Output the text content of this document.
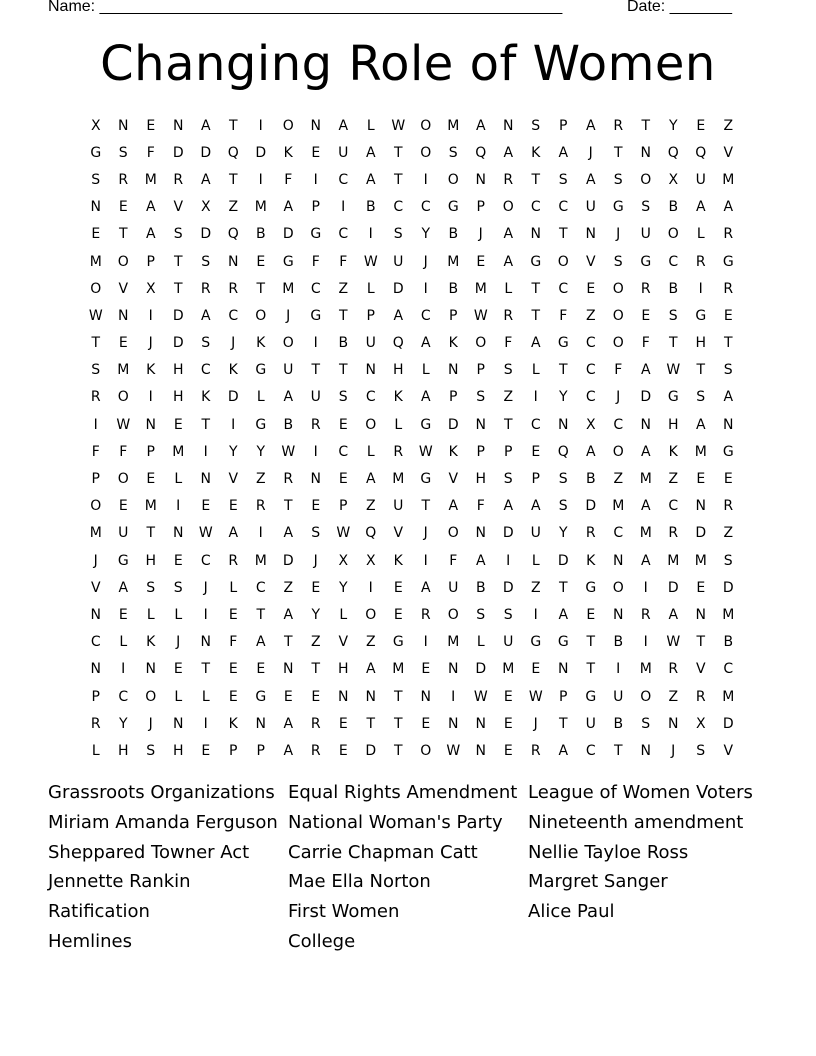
Name: ____________________________________________________	Date: _______
Changing Role of Women
X	N	E	N	A	T	I	O	N	A	L	W	O	M	A	N	S	P	A	R	T	Y	E	Z
G	S	F	D	D	Q	D	K	E	U	A	T	O	S	Q	A	K	A	J	T	N	Q	Q	V
S	R	M	R	A	T	I	F	I	C	A	T	I	O	N	R	T	S	A	S	O	X	U	M
N	E	A	V	X	Z	M	A	P	I	B	C	C	G	P	O	C	C	U	G	S	B	A	A
E	T	A	S	D	Q	B	D	G	C	I	S	Y	B	J	A	N	T	N	J	U	O	L	R
M	O	P	T	S	N	E	G	F	F	W	U	J	M	E	A	G	O	V	S	G	C	R	G
O	V	X	T	R	R	T	M	C	Z	L	D	I	B	M	L	T	C	E	O	R	B	I	R
W	N	I	D	A	C	O	J	G	T	P	A	C	P	W	R	T	F	Z	O	E	S	G	E
T	E	J	D	S	J	K	O	I	B	U	Q	A	K	O	F	A	G	C	O	F	T	H	T
S	M	K	H	C	K	G	U	T	T	N	H	L	N	P	S	L	T	C	F	A	W	T	S
R	O	I	H	K	D	L	A	U	S	C	K	A	P	S	Z	I	Y	C	J	D	G	S	A
I	W	N	E	T	I	G	B	R	E	O	L	G	D	N	T	C	N	X	C	N	H	A	N
F	F	P	M	I	Y	Y	W	I	C	L	R	W	K	P	P	E	Q	A	O	A	K	M	G
P	O	E	L	N	V	Z	R	N	E	A	M	G	V	H	S	P	S	B	Z	M	Z	E	E
O	E	M	I	E	E	R	T	E	P	Z	U	T	A	F	A	A	S	D	M	A	C	N	R
M	U	T	N	W	A	I	A	S	W	Q	V	J	O	N	D	U	Y	R	C	M	R	D	Z
J	G	H	E	C	R	M	D	J	X	X	K	I	F	A	I	L	D	K	N	A	M	M	S
V	A	S	S	J	L	C	Z	E	Y	I	E	A	U	B	D	Z	T	G	O	I	D	E	D
N	E	L	L	I	E	T	A	Y	L	O	E	R	O	S	S	I	A	E	N	R	A	N	M
C	L	K	J	N	F	A	T	Z	V	Z	G	I	M	L	U	G	G	T	B	I	W	T	B
N	I	N	E	T	E	E	N	T	H	A	M	E	N	D	M	E	N	T	I	M	R	V	C
P	C	O	L	L	E	G	E	E	N	N	T	N	I	W	E	W	P	G	U	O	Z	R	M
R	Y	J	N	I	K	N	A	R	E	T	T	E	N	N	E	J	T	U	B	S	N	X	D
L	H	S	H	E	P	P	A	R	E	D	T	O	W	N	E	R	A	C	T	N	J	S	V
Grassroots Organizations
Miriam Amanda Ferguson
Sheppared Towner Act
Jennette Rankin
Ratification
Hemlines
Equal Rights Amendment
National Woman's Party
Carrie Chapman Catt
Mae Ella Norton
First Women
College
League of Women Voters
Nineteenth amendment
Nellie Tayloe Ross
Margret Sanger
Alice Paul
